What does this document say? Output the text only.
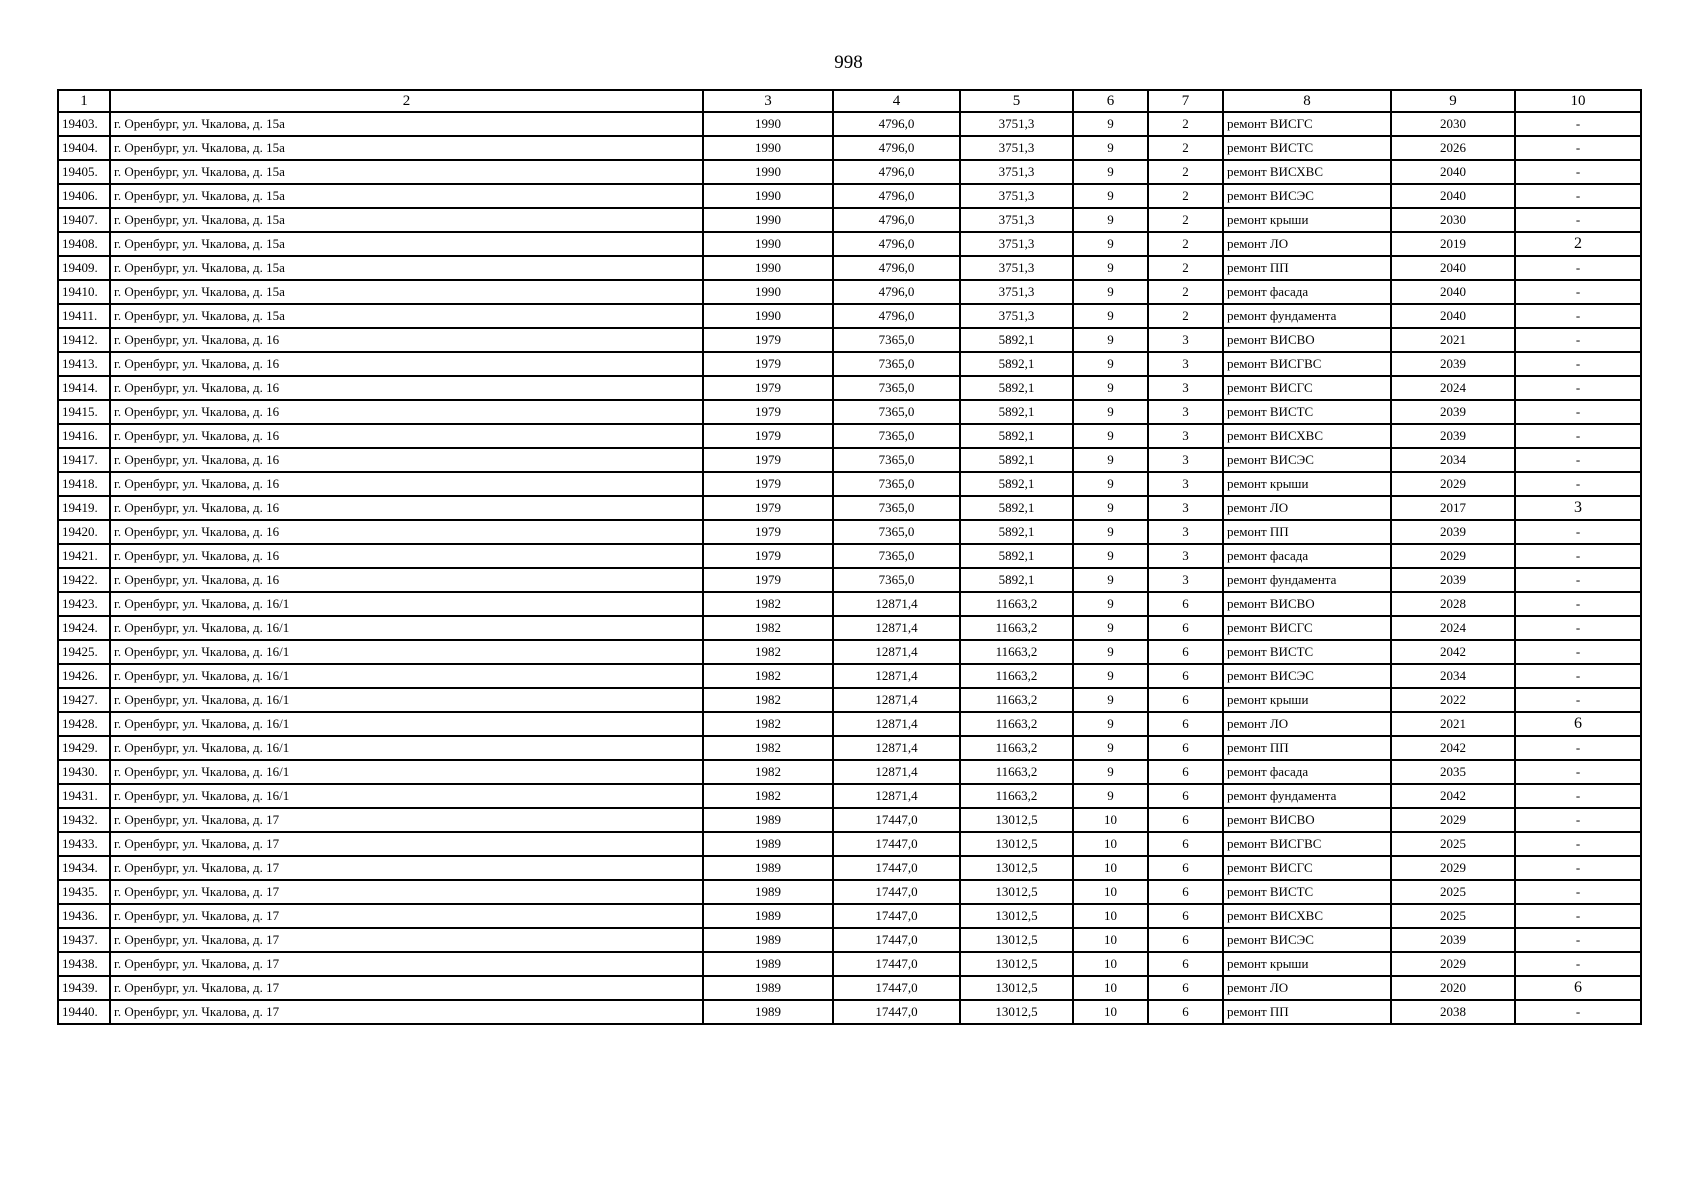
998
1	2	3	4	5	6	7	8	9	10
19403.	г. Оренбург, ул. Чкалова, д. 15а	1990	4796,0	3751,3	9	2	ремонт ВИСГС	2030	-
19404.	г. Оренбург, ул. Чкалова, д. 15а	1990	4796,0	3751,3	9	2	ремонт ВИСТС	2026	-
19405.	г. Оренбург, ул. Чкалова, д. 15а	1990	4796,0	3751,3	9	2	ремонт ВИСХВС	2040	-
19406.	г. Оренбург, ул. Чкалова, д. 15а	1990	4796,0	3751,3	9	2	ремонт ВИСЭС	2040	-
19407.	г. Оренбург, ул. Чкалова, д. 15а	1990	4796,0	3751,3	9	2	ремонт крыши	2030	-
19408.	г. Оренбург, ул. Чкалова, д. 15а	1990	4796,0	3751,3	9	2	ремонт ЛО	2019	2
19409.	г. Оренбург, ул. Чкалова, д. 15а	1990	4796,0	3751,3	9	2	ремонт ПП	2040	-
19410.	г. Оренбург, ул. Чкалова, д. 15а	1990	4796,0	3751,3	9	2	ремонт фасада	2040	-
19411.	г. Оренбург, ул. Чкалова, д. 15а	1990	4796,0	3751,3	9	2	ремонт фундамента	2040	-
19412.	г. Оренбург, ул. Чкалова, д. 16	1979	7365,0	5892,1	9	3	ремонт ВИСВО	2021	-
19413.	г. Оренбург, ул. Чкалова, д. 16	1979	7365,0	5892,1	9	3	ремонт ВИСГВС	2039	-
19414.	г. Оренбург, ул. Чкалова, д. 16	1979	7365,0	5892,1	9	3	ремонт ВИСГС	2024	-
19415.	г. Оренбург, ул. Чкалова, д. 16	1979	7365,0	5892,1	9	3	ремонт ВИСТС	2039	-
19416.	г. Оренбург, ул. Чкалова, д. 16	1979	7365,0	5892,1	9	3	ремонт ВИСХВС	2039	-
19417.	г. Оренбург, ул. Чкалова, д. 16	1979	7365,0	5892,1	9	3	ремонт ВИСЭС	2034	-
19418.	г. Оренбург, ул. Чкалова, д. 16	1979	7365,0	5892,1	9	3	ремонт крыши	2029	-
19419.	г. Оренбург, ул. Чкалова, д. 16	1979	7365,0	5892,1	9	3	ремонт ЛО	2017	3
19420.	г. Оренбург, ул. Чкалова, д. 16	1979	7365,0	5892,1	9	3	ремонт ПП	2039	-
19421.	г. Оренбург, ул. Чкалова, д. 16	1979	7365,0	5892,1	9	3	ремонт фасада	2029	-
19422.	г. Оренбург, ул. Чкалова, д. 16	1979	7365,0	5892,1	9	3	ремонт фундамента	2039	-
19423.	г. Оренбург, ул. Чкалова, д. 16/1	1982	12871,4	11663,2	9	6	ремонт ВИСВО	2028	-
19424.	г. Оренбург, ул. Чкалова, д. 16/1	1982	12871,4	11663,2	9	6	ремонт ВИСГС	2024	-
19425.	г. Оренбург, ул. Чкалова, д. 16/1	1982	12871,4	11663,2	9	6	ремонт ВИСТС	2042	-
19426.	г. Оренбург, ул. Чкалова, д. 16/1	1982	12871,4	11663,2	9	6	ремонт ВИСЭС	2034	-
19427.	г. Оренбург, ул. Чкалова, д. 16/1	1982	12871,4	11663,2	9	6	ремонт крыши	2022	-
19428.	г. Оренбург, ул. Чкалова, д. 16/1	1982	12871,4	11663,2	9	6	ремонт ЛО	2021	6
19429.	г. Оренбург, ул. Чкалова, д. 16/1	1982	12871,4	11663,2	9	6	ремонт ПП	2042	-
19430.	г. Оренбург, ул. Чкалова, д. 16/1	1982	12871,4	11663,2	9	6	ремонт фасада	2035	-
19431.	г. Оренбург, ул. Чкалова, д. 16/1	1982	12871,4	11663,2	9	6	ремонт фундамента	2042	-
19432.	г. Оренбург, ул. Чкалова, д. 17	1989	17447,0	13012,5	10	6	ремонт ВИСВО	2029	-
19433.	г. Оренбург, ул. Чкалова, д. 17	1989	17447,0	13012,5	10	6	ремонт ВИСГВС	2025	-
19434.	г. Оренбург, ул. Чкалова, д. 17	1989	17447,0	13012,5	10	6	ремонт ВИСГС	2029	-
19435.	г. Оренбург, ул. Чкалова, д. 17	1989	17447,0	13012,5	10	6	ремонт ВИСТС	2025	-
19436.	г. Оренбург, ул. Чкалова, д. 17	1989	17447,0	13012,5	10	6	ремонт ВИСХВС	2025	-
19437.	г. Оренбург, ул. Чкалова, д. 17	1989	17447,0	13012,5	10	6	ремонт ВИСЭС	2039	-
19438.	г. Оренбург, ул. Чкалова, д. 17	1989	17447,0	13012,5	10	6	ремонт крыши	2029	-
19439.	г. Оренбург, ул. Чкалова, д. 17	1989	17447,0	13012,5	10	6	ремонт ЛО	2020	6
19440.	г. Оренбург, ул. Чкалова, д. 17	1989	17447,0	13012,5	10	6	ремонт ПП	2038	-
